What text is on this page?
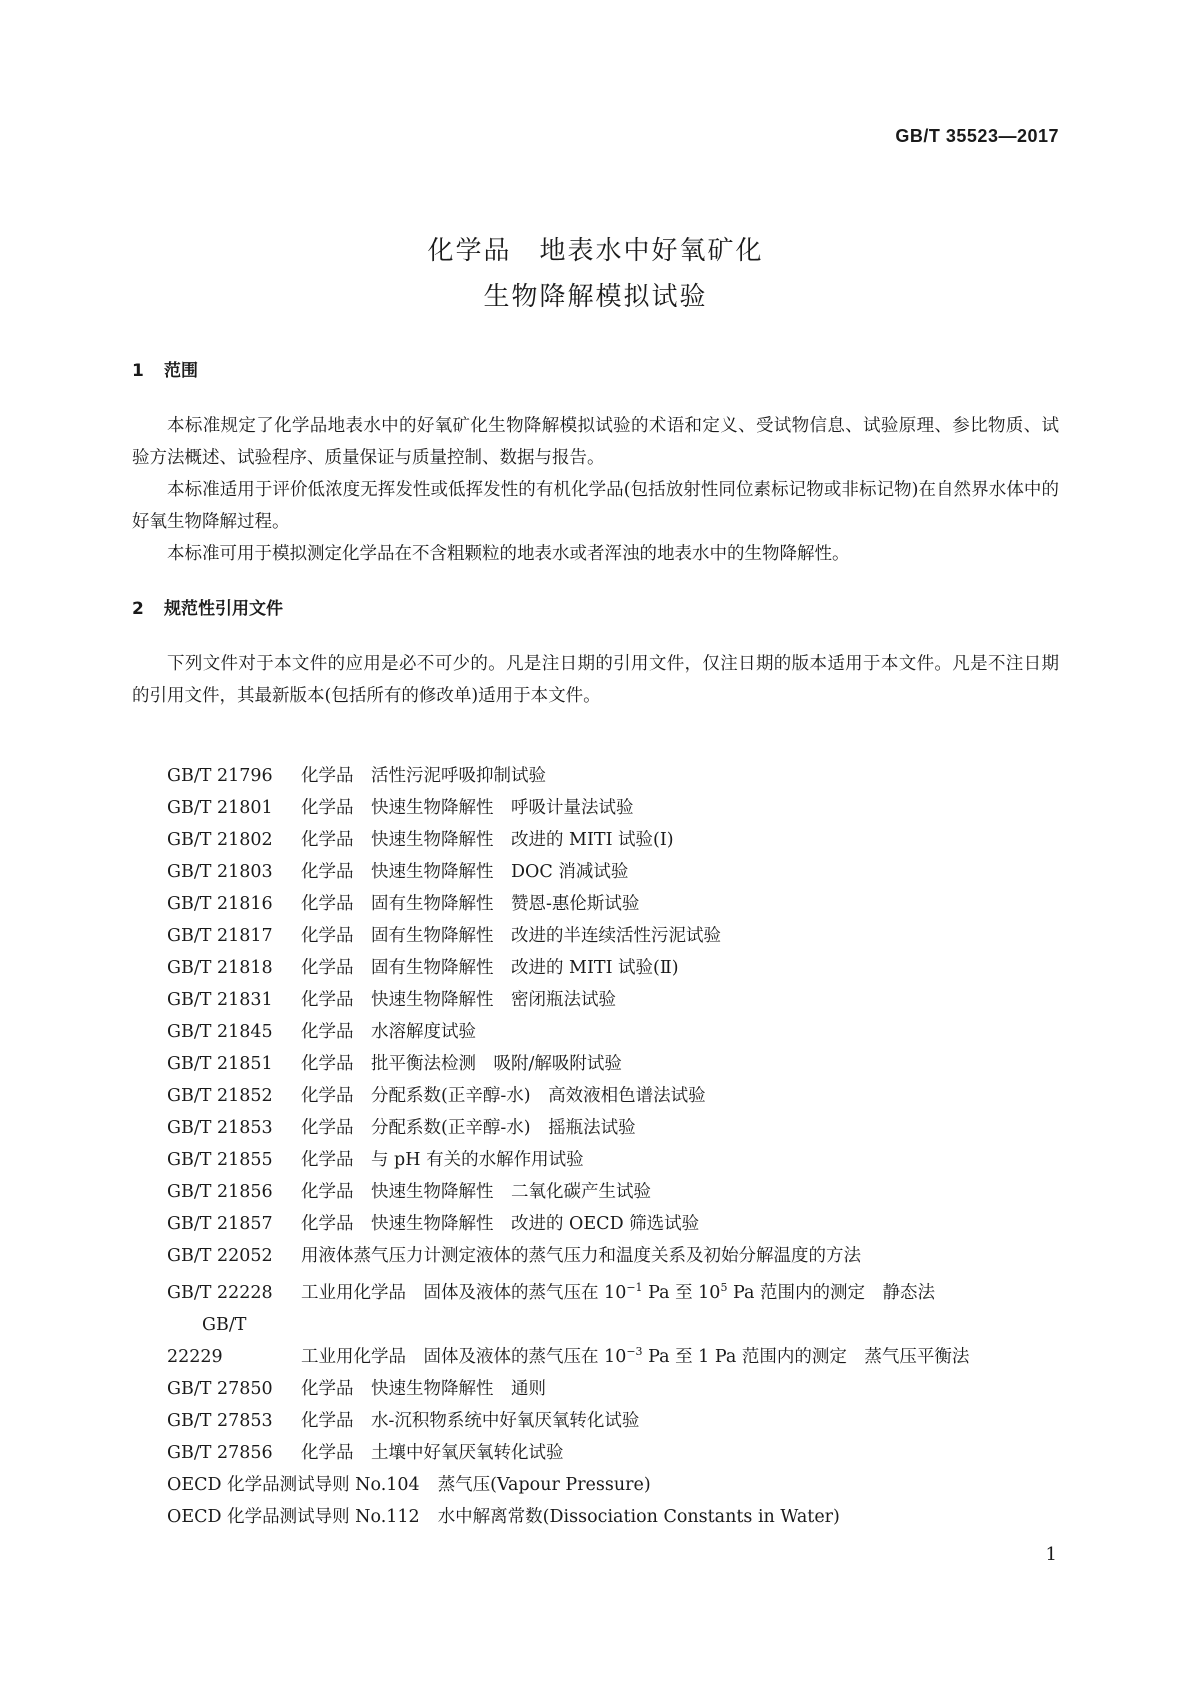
GB/T 35523—2017

化学品　地表水中好氧矿化

生物降解模拟试验

1 范围

本标准规定了化学品地表水中的好氧矿化生物降解模拟试验的术语和定义、受试物信息、试验原理、参比物质、试验方法概述、试验程序、质量保证与质量控制、数据与报告。

本标准适用于评价低浓度无挥发性或低挥发性的有机化学品(包括放射性同位素标记物或非标记物)在自然界水体中的好氧生物降解过程。

本标准可用于模拟测定化学品在不含粗颗粒的地表水或者浑浊的地表水中的生物降解性。

2 规范性引用文件

下列文件对于本文件的应用是必不可少的。凡是注日期的引用文件，仅注日期的版本适用于本文件。凡是不注日期的引用文件，其最新版本(包括所有的修改单)适用于本文件。

GB/T 21796 化学品　活性污泥呼吸抑制试验

GB/T 21801 化学品　快速生物降解性　呼吸计量法试验

GB/T 21802 化学品　快速生物降解性　改进的 MITI 试验(Ⅰ)

GB/T 21803 化学品　快速生物降解性　DOC 消减试验

GB/T 21816 化学品　固有生物降解性　赞恩-惠伦斯试验

GB/T 21817 化学品　固有生物降解性　改进的半连续活性污泥试验

GB/T 21818 化学品　固有生物降解性　改进的 MITI 试验(Ⅱ)

GB/T 21831 化学品　快速生物降解性　密闭瓶法试验

GB/T 21845 化学品　水溶解度试验

GB/T 21851 化学品　批平衡法检测　吸附/解吸附试验

GB/T 21852 化学品　分配系数(正辛醇-水)　高效液相色谱法试验

GB/T 21853 化学品　分配系数(正辛醇-水)　摇瓶法试验

GB/T 21855 化学品　与 pH 有关的水解作用试验

GB/T 21856 化学品　快速生物降解性　二氧化碳产生试验

GB/T 21857 化学品　快速生物降解性　改进的 OECD 筛选试验

GB/T 22052 用液体蒸气压力计测定液体的蒸气压力和温度关系及初始分解温度的方法

GB/T 22228 工业用化学品　固体及液体的蒸气压在 $10^{-1}$ Pa 至 $10^5$ Pa 范围内的测定　静态法

GB/T 22229	工业用化学品　固体及液体的蒸气压在 $10^{-3}$ Pa 至 1 Pa 范围内的测定　蒸气压平衡法

GB/T 27850 化学品　快速生物降解性　通则

GB/T 27853 化学品　水-沉积物系统中好氧厌氧转化试验

GB/T 27856 化学品　土壤中好氧厌氧转化试验

OECD 化学品测试导则 No.104 蒸气压(Vapour Pressure)

OECD 化学品测试导则 No.112 水中解离常数(Dissociation Constants in Water)

1
